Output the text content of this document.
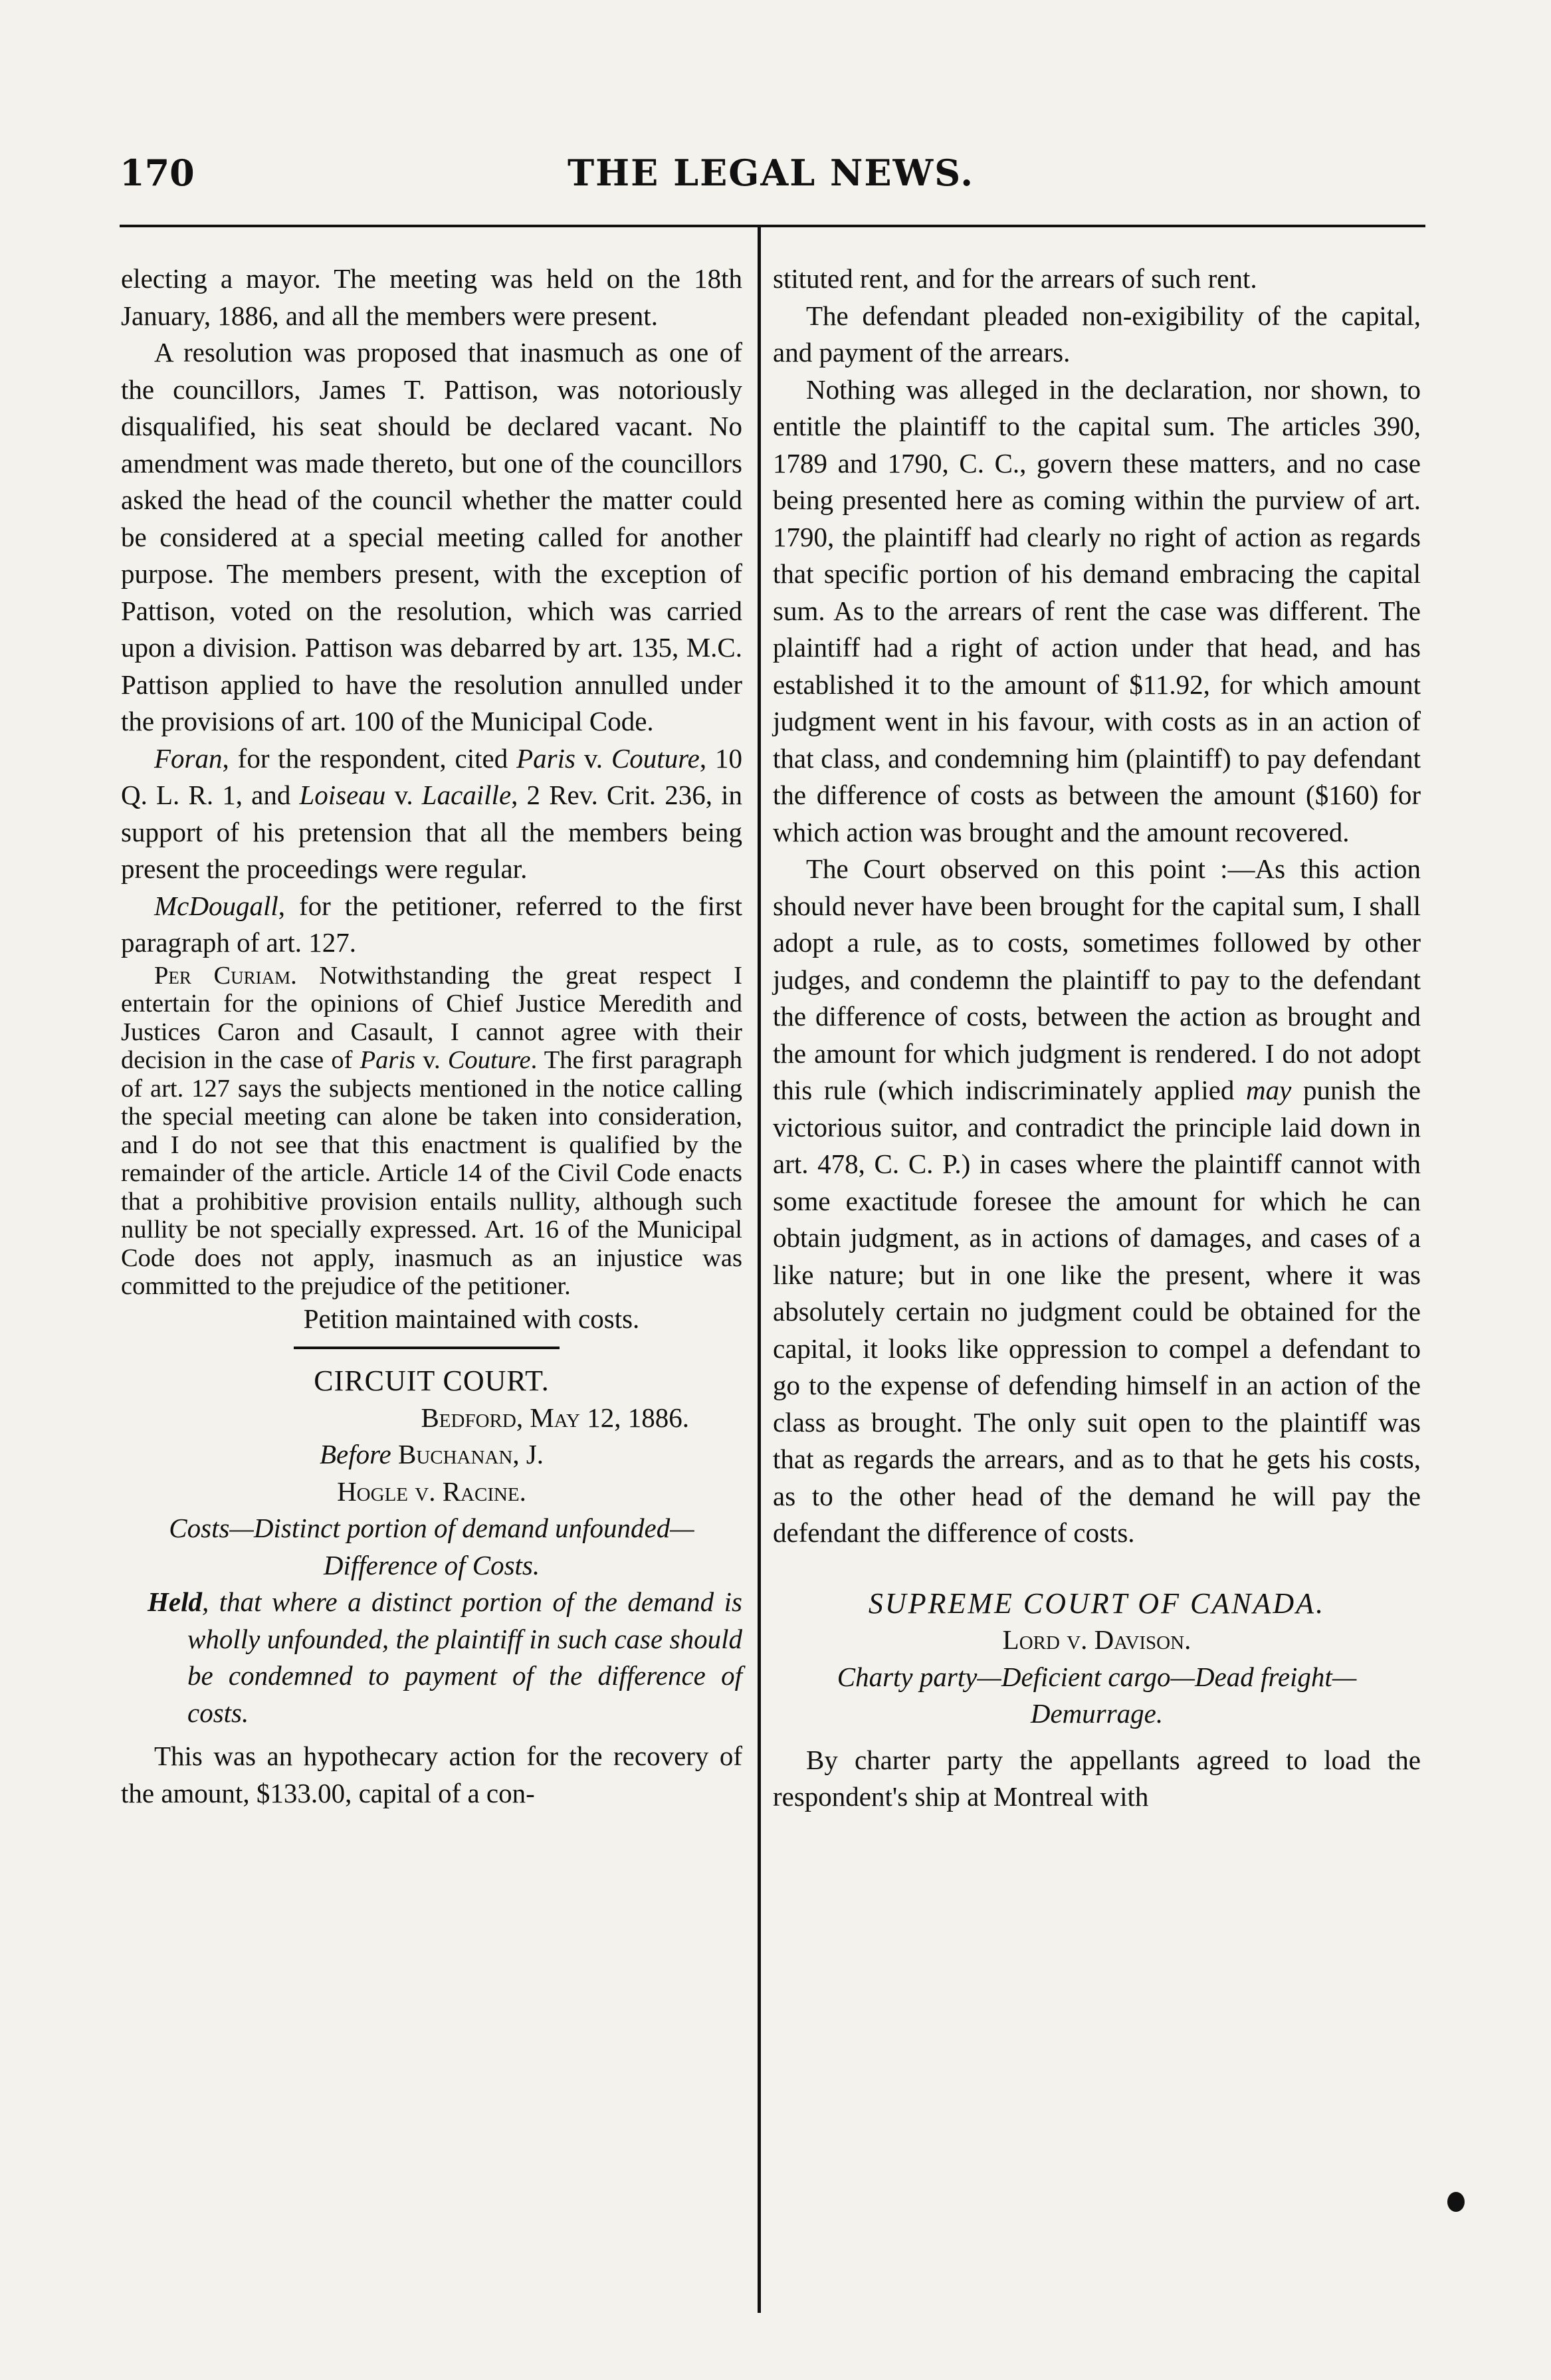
170	THE LEGAL NEWS.

electing a mayor. The meeting was held on the 18th January, 1886, and all the members were present.

A resolution was proposed that inasmuch as one of the councillors, James T. Pattison, was notoriously disqualified, his seat should be declared vacant. No amendment was made thereto, but one of the councillors asked the head of the council whether the matter could be considered at a special meeting called for another purpose. The members present, with the exception of Pattison, voted on the resolution, which was carried upon a division. Pattison was debarred by art. 135, M.C. Pattison applied to have the resolution annulled under the provisions of art. 100 of the Municipal Code.

Foran, for the respondent, cited Paris v. Couture, 10 Q. L. R. 1, and Loiseau v. Lacaille, 2 Rev. Crit. 236, in support of his pretension that all the members being present the proceedings were regular.

McDougall, for the petitioner, referred to the first paragraph of art. 127.

Per Curiam. Notwithstanding the great respect I entertain for the opinions of Chief Justice Meredith and Justices Caron and Casault, I cannot agree with their decision in the case of Paris v. Couture. The first paragraph of art. 127 says the subjects mentioned in the notice calling the special meeting can alone be taken into consideration, and I do not see that this enactment is qualified by the remainder of the article. Article 14 of the Civil Code enacts that a prohibitive provision entails nullity, although such nullity be not specially expressed. Art. 16 of the Municipal Code does not apply, inasmuch as an injustice was committed to the prejudice of the petitioner.

Petition maintained with costs.

CIRCUIT COURT.

Bedford, May 12, 1886.

Before Buchanan, J.

Hogle v. Racine.

Costs—Distinct portion of demand unfounded—Difference of Costs.

Held, that where a distinct portion of the demand is wholly unfounded, the plaintiff in such case should be condemned to payment of the difference of costs.

This was an hypothecary action for the recovery of the amount, $133.00, capital of a con-

stituted rent, and for the arrears of such rent.

The defendant pleaded non-exigibility of the capital, and payment of the arrears.

Nothing was alleged in the declaration, nor shown, to entitle the plaintiff to the capital sum. The articles 390, 1789 and 1790, C. C., govern these matters, and no case being presented here as coming within the purview of art. 1790, the plaintiff had clearly no right of action as regards that specific portion of his demand embracing the capital sum. As to the arrears of rent the case was different. The plaintiff had a right of action under that head, and has established it to the amount of $11.92, for which amount judgment went in his favour, with costs as in an action of that class, and condemning him (plaintiff) to pay defendant the difference of costs as between the amount ($160) for which action was brought and the amount recovered.

The Court observed on this point :—As this action should never have been brought for the capital sum, I shall adopt a rule, as to costs, sometimes followed by other judges, and condemn the plaintiff to pay to the defendant the difference of costs, between the action as brought and the amount for which judgment is rendered. I do not adopt this rule (which indiscriminately applied may punish the victorious suitor, and contradict the principle laid down in art. 478, C. C. P.) in cases where the plaintiff cannot with some exactitude foresee the amount for which he can obtain judgment, as in actions of damages, and cases of a like nature; but in one like the present, where it was absolutely certain no judgment could be obtained for the capital, it looks like oppression to compel a defendant to go to the expense of defending himself in an action of the class as brought. The only suit open to the plaintiff was that as regards the arrears, and as to that he gets his costs, as to the other head of the demand he will pay the defendant the difference of costs.

SUPREME COURT OF CANADA.

Lord v. Davison.

Charty party—Deficient cargo—Dead freight—Demurrage.

By charter party the appellants agreed to load the respondent's ship at Montreal with
